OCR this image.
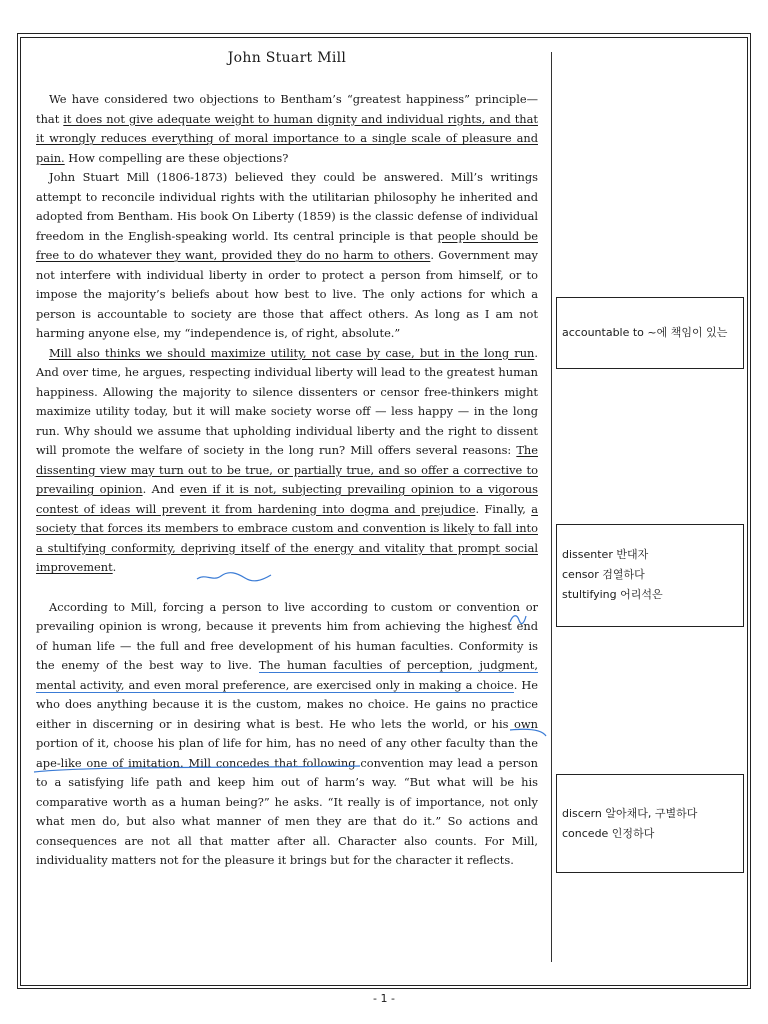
John Stuart Mill

We have considered two objections to Bentham’s “greatest happiness” principle—that it does not give adequate weight to human dignity and individual rights, and that it wrongly reduces everything of moral importance to a single scale of pleasure and pain. How compelling are these objections?

John Stuart Mill (1806-1873) believed they could be answered. Mill’s writings attempt to reconcile individual rights with the utilitarian philosophy he inherited and adopted from Bentham. His book On Liberty (1859) is the classic defense of individual freedom in the English-speaking world. Its central principle is that people should be free to do whatever they want, provided they do no harm to others. Government may not interfere with individual liberty in order to protect a person from himself, or to impose the majority’s beliefs about how best to live. The only actions for which a person is accountable to society are those that affect others. As long as I am not harming anyone else, my “independence is, of right, absolute.”

Mill also thinks we should maximize utility, not case by case, but in the long run. And over time, he argues, respecting individual liberty will lead to the greatest human happiness. Allowing the majority to silence dissenters or censor free-thinkers might maximize utility today, but it will make society worse off — less happy — in the long run. Why should we assume that upholding individual liberty and the right to dissent will promote the welfare of society in the long run? Mill offers several reasons: The dissenting view may turn out to be true, or partially true, and so offer a corrective to prevailing opinion. And even if it is not, subjecting prevailing opinion to a vigorous contest of ideas will prevent it from hardening into dogma and prejudice. Finally, a society that forces its members to embrace custom and convention is likely to fall into a stultifying conformity, depriving itself of the energy and vitality that prompt social improvement.

According to Mill, forcing a person to live according to custom or convention or prevailing opinion is wrong, because it prevents him from achieving the highest end of human life — the full and free development of his human faculties. Conformity is the enemy of the best way to live. The human faculties of perception, judgment, mental activity, and even moral preference, are exercised only in making a choice. He who does anything because it is the custom, makes no choice. He gains no practice either in discerning or in desiring what is best. He who lets the world, or his own portion of it, choose his plan of life for him, has no need of any other faculty than the ape-like one of imitation. Mill concedes that following convention may lead a person to a satisfying life path and keep him out of harm’s way. “But what will be his comparative worth as a human being?” he asks. “It really is of importance, not only what men do, but also what manner of men they are that do it.” So actions and consequences are not all that matter after all. Character also counts. For Mill, individuality matters not for the pleasure it brings but for the character it reflects.

accountable to ~에 책임이 있는
dissenter 반대자
censor 검열하다
stultifying 어리석은
discern 알아채다, 구별하다
concede 인정하다
- 1 -
